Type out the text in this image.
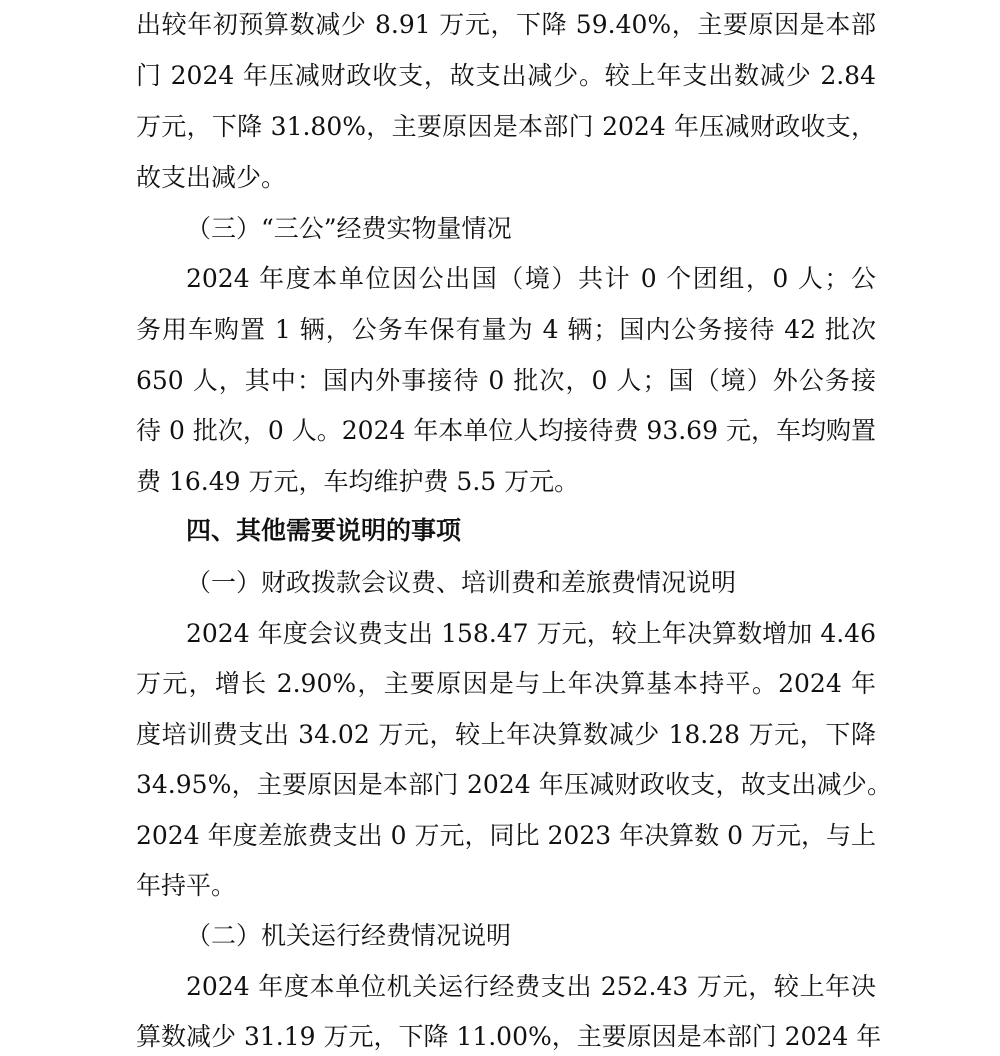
出较年初预算数减少 8.91 万元，下降 59.40%，主要原因是本部
门 2024 年压减财政收支，故支出减少。较上年支出数减少 2.84
万元，下降 31.80%，主要原因是本部门 2024 年压减财政收支，
故支出减少。
（三）“三公”经费实物量情况
2024 年度本单位因公出国（境）共计 0 个团组，0 人；公
务用车购置 1 辆，公务车保有量为 4 辆；国内公务接待 42 批次
650 人，其中：国内外事接待 0 批次，0 人；国（境）外公务接
待 0 批次，0 人。2024 年本单位人均接待费 93.69 元，车均购置
费 16.49 万元，车均维护费 5.5 万元。
四、其他需要说明的事项
（一）财政拨款会议费、培训费和差旅费情况说明
2024 年度会议费支出 158.47 万元，较上年决算数增加 4.46
万元，增长 2.90%，主要原因是与上年决算基本持平。2024 年
度培训费支出 34.02 万元，较上年决算数减少 18.28 万元，下降
34.95%，主要原因是本部门 2024 年压减财政收支，故支出减少。
2024 年度差旅费支出 0 万元，同比 2023 年决算数 0 万元，与上
年持平。
（二）机关运行经费情况说明
2024 年度本单位机关运行经费支出 252.43 万元，较上年决
算数减少 31.19 万元，下降 11.00%，主要原因是本部门 2024 年
